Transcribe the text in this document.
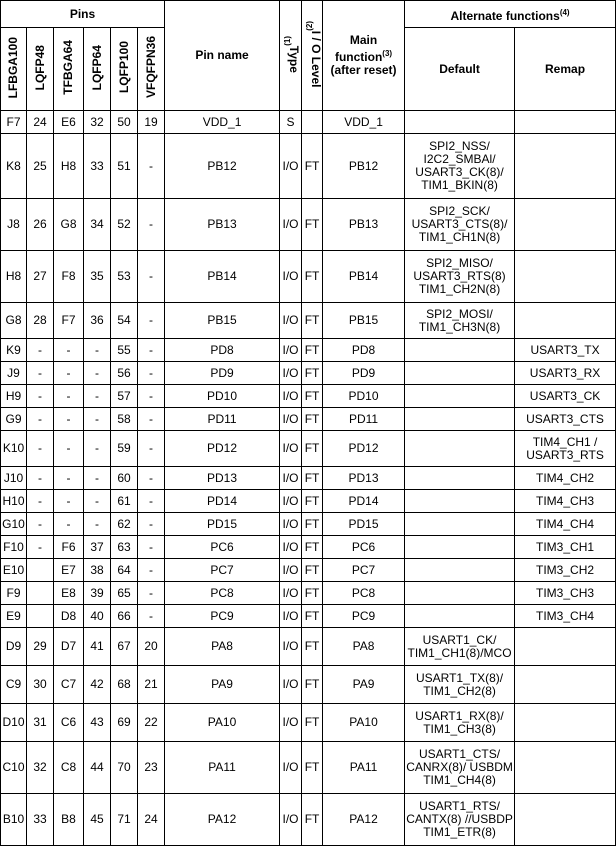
Pins						Pin name	Type$^{(1)}$	I / O Level$^{(2)}$	Main function$^{(3)}$
(after reset)	Alternate functions$^{(4)}$
LFBGA100	LQFP48	TFBGA64	LQFP64	LQFP100	VFQFPN36					Default	Remap
F7	24	E6	32	50	19	VDD_1	S		VDD_1		
K8	25	H8	33	51	-	PB12	I/O	FT	PB12	SPI2_NSS/ I2C2_SMBAl/ USART3_CK(8)/ TIM1_BKIN(8)	
J8	26	G8	34	52	-	PB13	I/O	FT	PB13	SPI2_SCK/ USART3_CTS(8)/ TIM1_CH1N(8)	
H8	27	F8	35	53	-	PB14	I/O	FT	PB14	SPI2_MISO/ USART3_RTS(8) TIM1_CH2N(8)	
G8	28	F7	36	54	-	PB15	I/O	FT	PB15	SPI2_MOSI/ TIM1_CH3N(8)	
K9	-	-	-	55	-	PD8	I/O	FT	PD8		USART3_TX
J9	-	-	-	56	-	PD9	I/O	FT	PD9		USART3_RX
H9	-	-	-	57	-	PD10	I/O	FT	PD10		USART3_CK
G9	-	-	-	58	-	PD11	I/O	FT	PD11		USART3_CTS
K10	-	-	-	59	-	PD12	I/O	FT	PD12		TIM4_CH1 / USART3_RTS
J10	-	-	-	60	-	PD13	I/O	FT	PD13		TIM4_CH2
H10	-	-	-	61	-	PD14	I/O	FT	PD14		TIM4_CH3
G10	-	-	-	62	-	PD15	I/O	FT	PD15		TIM4_CH4
F10	-	F6	37	63	-	PC6	I/O	FT	PC6		TIM3_CH1
E10		E7	38	64	-	PC7	I/O	FT	PC7		TIM3_CH2
F9		E8	39	65	-	PC8	I/O	FT	PC8		TIM3_CH3
E9		D8	40	66	-	PC9	I/O	FT	PC9		TIM3_CH4
D9	29	D7	41	67	20	PA8	I/O	FT	PA8	USART1_CK/ TIM1_CH1(8)/MCO	
C9	30	C7	42	68	21	PA9	I/O	FT	PA9	USART1_TX(8)/ TIM1_CH2(8)	
D10	31	C6	43	69	22	PA10	I/O	FT	PA10	USART1_RX(8)/ TIM1_CH3(8)	
C10	32	C8	44	70	23	PA11	I/O	FT	PA11	USART1_CTS/ CANRX(8)/ USBDM TIM1_CH4(8)	
B10	33	B8	45	71	24	PA12	I/O	FT	PA12	USART1_RTS/ CANTX(8) //USBDP TIM1_ETR(8)	
